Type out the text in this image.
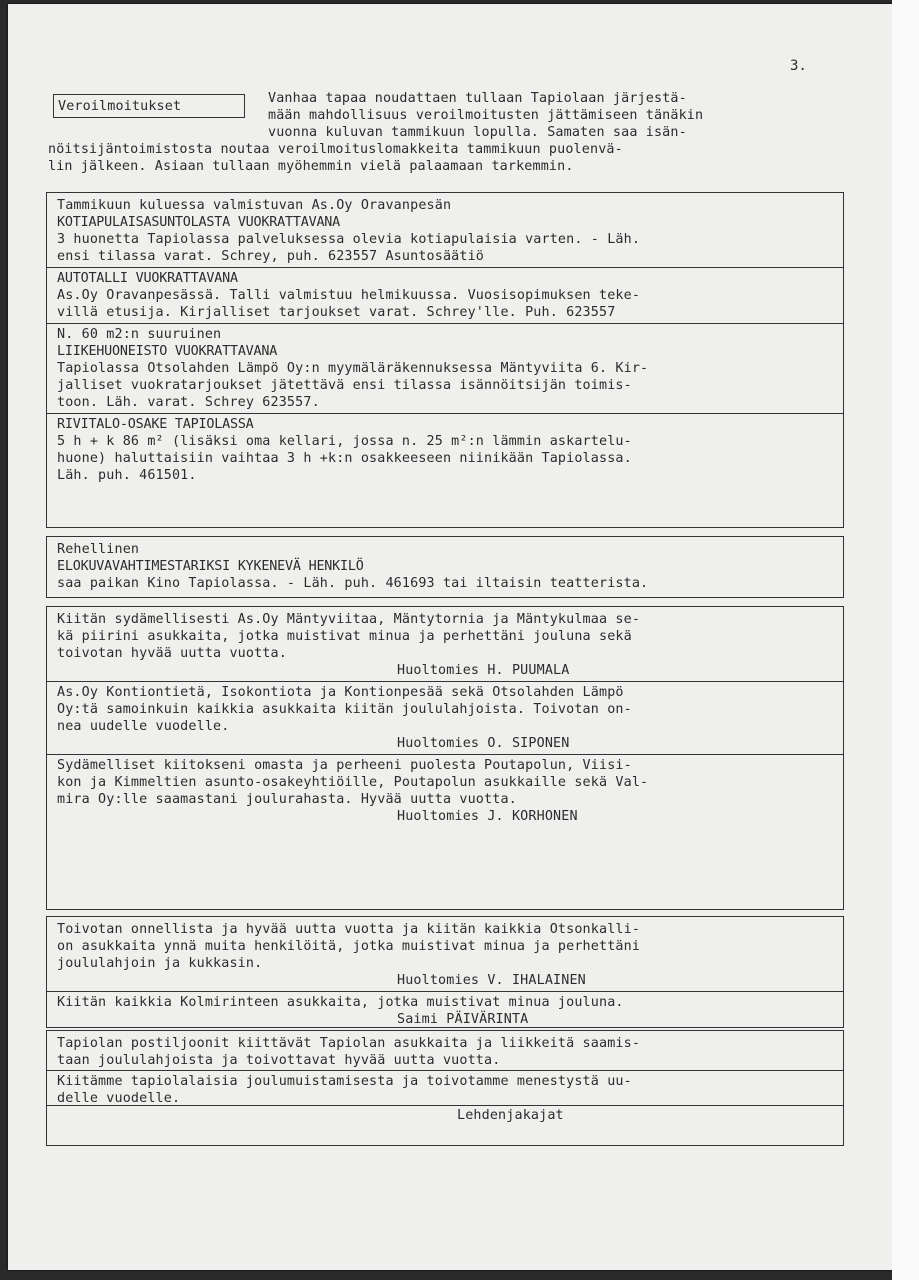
3.
Veroilmoitukset
Vanhaa tapaa noudattaen tullaan Tapiolaan järjestä-
mään mahdollisuus veroilmoitusten jättämiseen tänäkin
vuonna kuluvan tammikuun lopulla. Samaten saa isän-
nöitsijäntoimistosta noutaa veroilmoituslomakkeita tammikuun puolenvä-
lin jälkeen. Asiaan tullaan myöhemmin vielä palaamaan tarkemmin.
Tammikuun kuluessa valmistuvan As.Oy Oravanpesän
KOTIAPULAISASUNTOLASTA VUOKRATTAVANA
3 huonetta Tapiolassa palveluksessa olevia kotiapulaisia varten. - Läh.
ensi tilassa varat. Schrey, puh. 623557 Asuntosäätiö
AUTOTALLI VUOKRATTAVANA
As.Oy Oravanpesässä. Talli valmistuu helmikuussa. Vuosisopimuksen teke-
villä etusija. Kirjalliset tarjoukset varat. Schrey'lle. Puh. 623557
N. 60 m2:n suuruinen
LIIKEHUONEISTO VUOKRATTAVANA
Tapiolassa Otsolahden Lämpö Oy:n myymäläräkennuksessa Mäntyviita 6. Kir-
jalliset vuokratarjoukset jätettävä ensi tilassa isännöitsijän toimis-
toon. Läh. varat. Schrey 623557.
RIVITALO-OSAKE TAPIOLASSA
5 h + k 86 m² (lisäksi oma kellari, jossa n. 25 m²:n lämmin askartelu-
huone) haluttaisiin vaihtaa 3 h +k:n osakkeeseen niinikään Tapiolassa.
Läh. puh. 461501.
Rehellinen
ELOKUVAVAHTIMESTARIKSI KYKENEVÄ HENKILÖ
saa paikan Kino Tapiolassa. - Läh. puh. 461693 tai iltaisin teatterista.
Kiitän sydämellisesti As.Oy Mäntyviitaa, Mäntytornia ja Mäntykulmaa se-
kä piirini asukkaita, jotka muistivat minua ja perhettäni jouluna sekä
toivotan hyvää uutta vuotta.
Huoltomies H. PUUMALA
As.Oy Kontiontietä, Isokontiota ja Kontionpesää sekä Otsolahden Lämpö
Oy:tä samoinkuin kaikkia asukkaita kiitän joululahjoista. Toivotan on-
nea uudelle vuodelle.
Huoltomies O. SIPONEN
Sydämelliset kiitokseni omasta ja perheeni puolesta Poutapolun, Viisi-
kon ja Kimmeltien asunto-osakeyhtiöille, Poutapolun asukkaille sekä Val-
mira Oy:lle saamastani joulurahasta. Hyvää uutta vuotta.
Huoltomies J. KORHONEN
Toivotan onnellista ja hyvää uutta vuotta ja kiitän kaikkia Otsonkalli-
on asukkaita ynnä muita henkilöitä, jotka muistivat minua ja perhettäni
joululahjoin ja kukkasin.
Huoltomies V. IHALAINEN
Kiitän kaikkia Kolmirinteen asukkaita, jotka muistivat minua jouluna.
Saimi PÄIVÄRINTA
Tapiolan postiljoonit kiittävät Tapiolan asukkaita ja liikkeitä saamis-
taan joululahjoista ja toivottavat hyvää uutta vuotta.
Kiitämme tapiolalaisia joulumuistamisesta ja toivotamme menestystä uu-
delle vuodelle.
Lehdenjakajat
